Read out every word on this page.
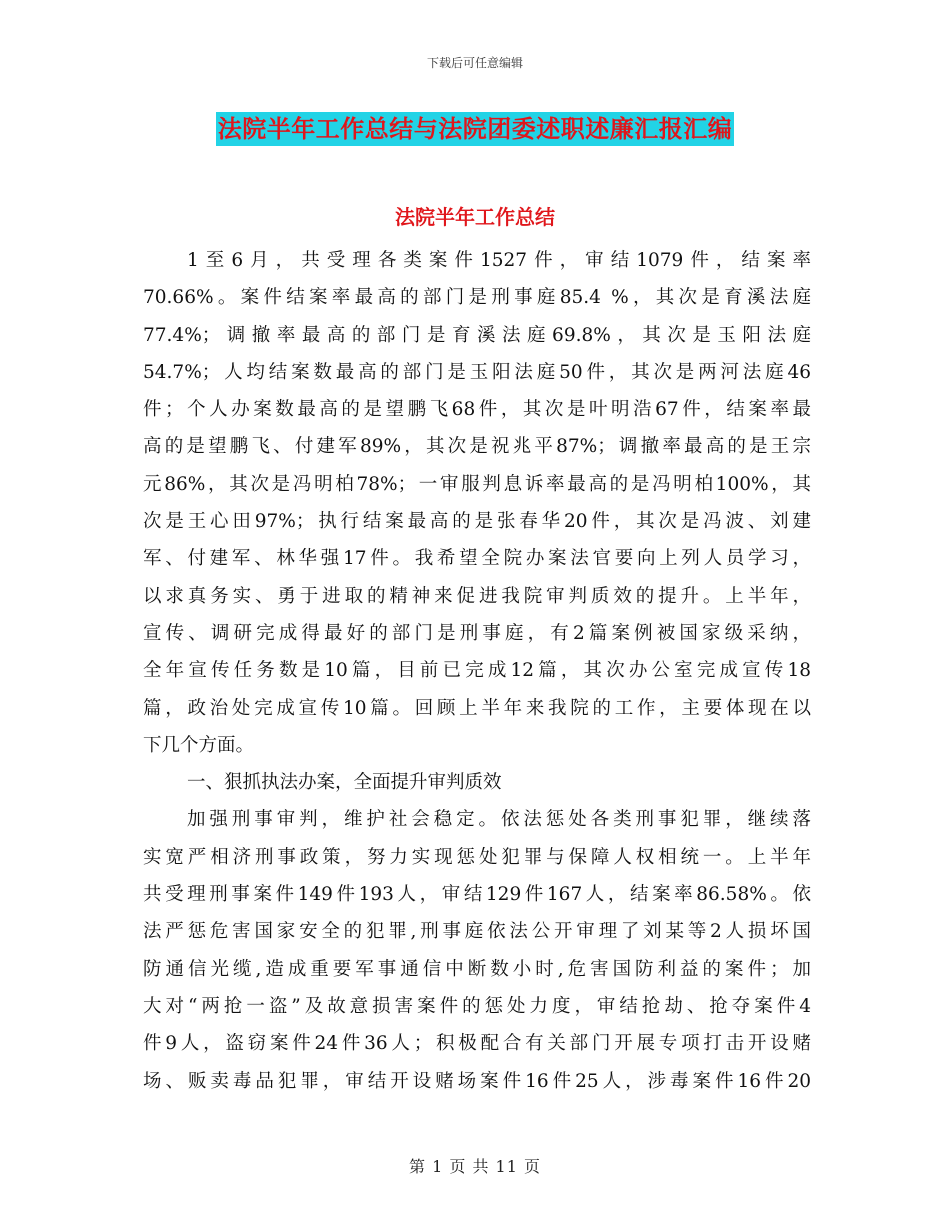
下载后可任意编辑
法院半年工作总结与法院团委述职述廉汇报汇编
法院半年工作总结

1至6月，共受理各类案件1527件，审结1079件，结案率
70.66%。案件结案率最高的部门是刑事庭85.4 %，其次是育溪法庭
77.4%；调撤率最高的部门是育溪法庭69.8%，其次是玉阳法庭
54.7%；人均结案数最高的部门是玉阳法庭50件，其次是两河法庭46
件；个人办案数最高的是望鹏飞68件，其次是叶明浩67件，结案率最
高的是望鹏飞、付建军89%，其次是祝兆平87%；调撤率最高的是王宗
元86%，其次是冯明柏78%；一审服判息诉率最高的是冯明柏100%，其
次是王心田97%；执行结案最高的是张春华20件，其次是冯波、刘建
军、付建军、林华强17件。我希望全院办案法官要向上列人员学习，
以求真务实、勇于进取的精神来促进我院审判质效的提升。上半年，
宣传、调研完成得最好的部门是刑事庭，有2篇案例被国家级采纳，
全年宣传任务数是10篇，目前已完成12篇，其次办公室完成宣传18
篇，政治处完成宣传10篇。回顾上半年来我院的工作，主要体现在以
下几个方面。

一、狠抓执法办案，全面提升审判质效

加强刑事审判，维护社会稳定。依法惩处各类刑事犯罪，继续落
实宽严相济刑事政策，努力实现惩处犯罪与保障人权相统一。上半年
共受理刑事案件149件193人，审结129件167人，结案率86.58%。依
法严惩危害国家安全的犯罪,刑事庭依法公开审理了刘某等2人损坏国
防通信光缆,造成重要军事通信中断数小时,危害国防利益的案件；加
大对“两抢一盗”及故意损害案件的惩处力度，审结抢劫、抢夺案件4
件9人，盗窃案件24件36人；积极配合有关部门开展专项打击开设赌
场、贩卖毒品犯罪，审结开设赌场案件16件25人，涉毒案件16件20

第 1 页 共 11 页
